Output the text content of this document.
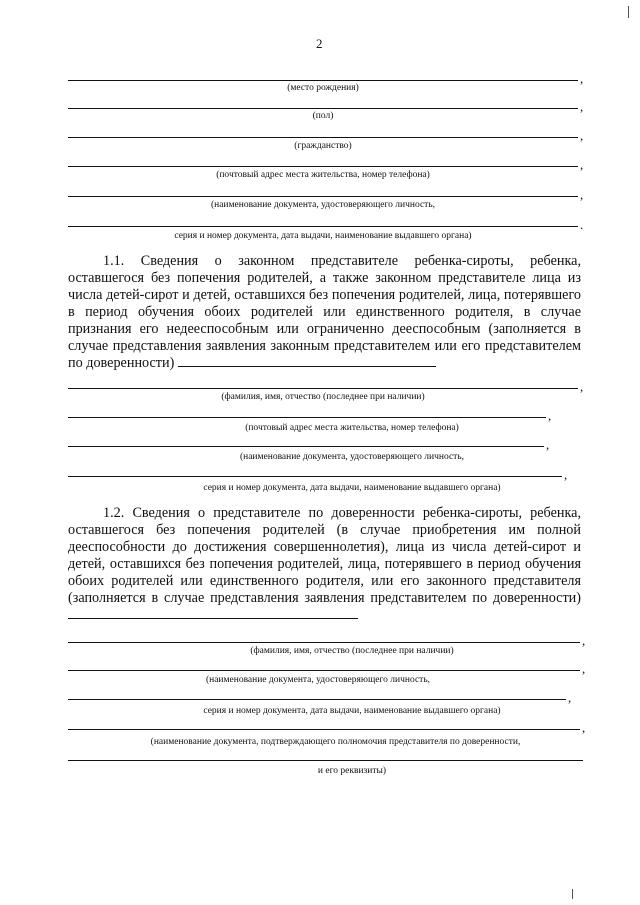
2
,
(место рождения)
,
(пол)
,
(гражданство)
,
(почтовый адрес места жительства, номер телефона)
,
(наименование документа, удостоверяющего личность,
.
серия и номер документа, дата выдачи, наименование выдавшего органа)

1.1. Сведения о законном представителе ребенка-сироты, ребенка, оставшегося без попечения родителей, а также законном представителе лица из числа детей-сирот и детей, оставшихся без попечения родителей, лица, потерявшего в период обучения обоих родителей или единственного родителя, в случае признания его недееспособным или ограниченно дееспособным (заполняется в случае представления заявления законным представителем или его представителем по доверенности)

,
(фамилия, имя, отчество (последнее при наличии)
,
(почтовый адрес места жительства, номер телефона)
,
(наименование документа, удостоверяющего личность,
,
серия и номер документа, дата выдачи, наименование выдавшего органа)

1.2. Сведения о представителе по доверенности ребенка-сироты, ребенка, оставшегося без попечения родителей (в случае приобретения им полной дееспособности до достижения совершеннолетия), лица из числа детей-сирот и детей, оставшихся без попечения родителей, лица, потерявшего в период обучения обоих родителей или единственного родителя, или его законного представителя (заполняется в случае представления заявления представителем по доверенности)

,
(фамилия, имя, отчество (последнее при наличии)
,
(наименование документа, удостоверяющего личность,
,
серия и номер документа, дата выдачи, наименование выдавшего органа)
,
(наименование документа, подтверждающего полномочия представителя по доверенности,
и его реквизиты)
